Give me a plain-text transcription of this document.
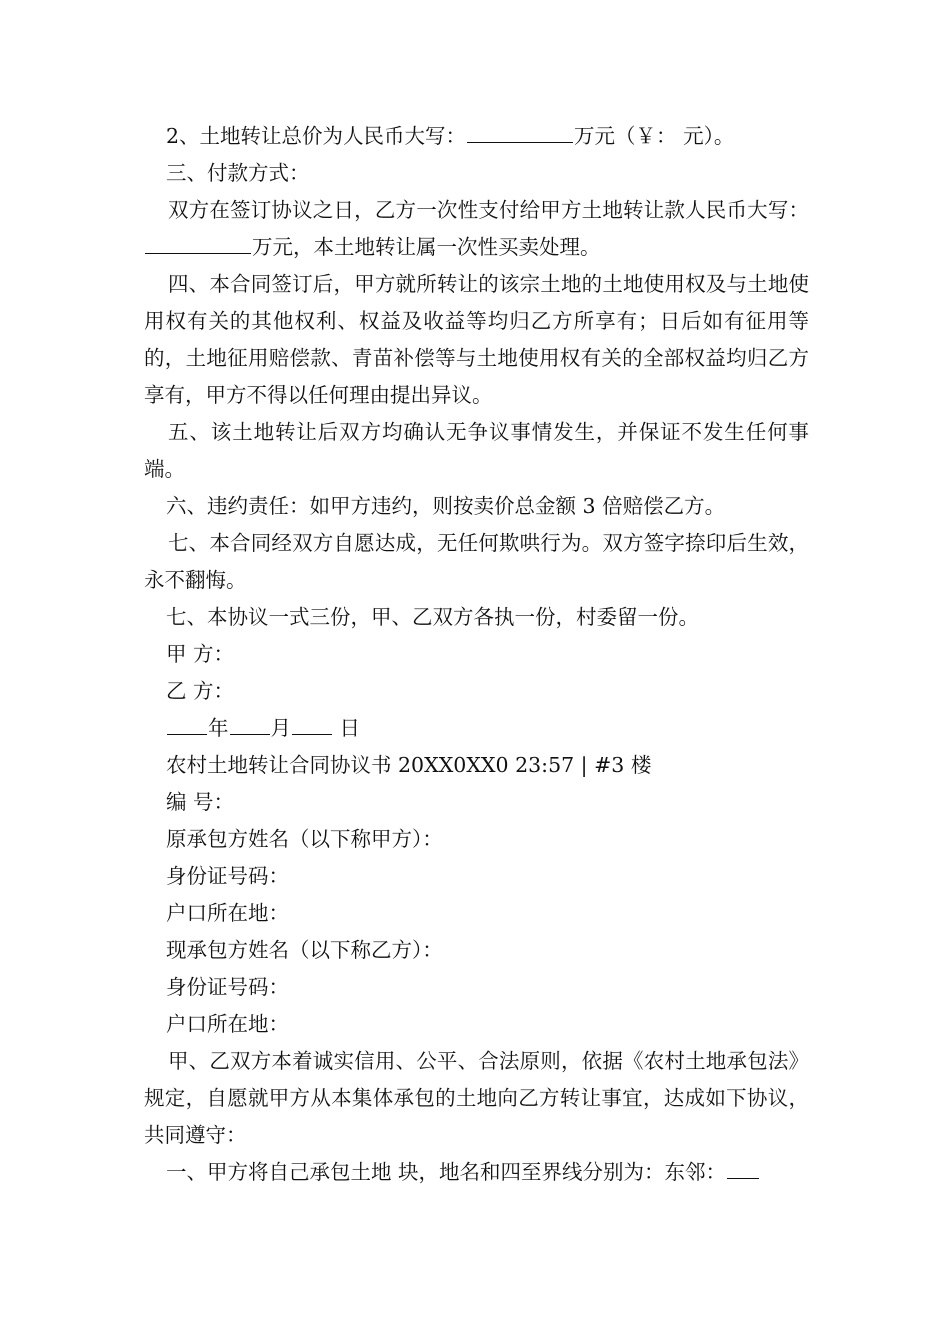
2、土地转让总价为人民币大写：	万元（￥： 元）。

三、付款方式：

双方在签订协议之日，乙方一次性支付给甲方土地转让款人民币大写：万元，本土地转让属一次性买卖处理。

四、本合同签订后，甲方就所转让的该宗土地的土地使用权及与土地使用权有关的其他权利、权益及收益等均归乙方所享有；日后如有征用等的，土地征用赔偿款、青苗补偿等与土地使用权有关的全部权益均归乙方享有，甲方不得以任何理由提出异议。

五、该土地转让后双方均确认无争议事情发生，并保证不发生任何事端。

六、违约责任：如甲方违约，则按卖价总金额 3 倍赔偿乙方。

七、本合同经双方自愿达成，无任何欺哄行为。双方签字捺印后生效，永不翻悔。

七、本协议一式三份，甲、乙双方各执一份，村委留一份。

甲 方：

乙 方：

年 月 日

农村土地转让合同协议书 20XX0XX0 23:57 | #3 楼

编 号：

原承包方姓名（以下称甲方）：

身份证号码：

户口所在地：

现承包方姓名（以下称乙方）：

身份证号码：

户口所在地：

甲、乙双方本着诚实信用、公平、合法原则，依据《农村土地承包法》规定，自愿就甲方从本集体承包的土地向乙方转让事宜，达成如下协议，共同遵守：

一、甲方将自己承包土地 块，地名和四至界线分别为：东邻：
